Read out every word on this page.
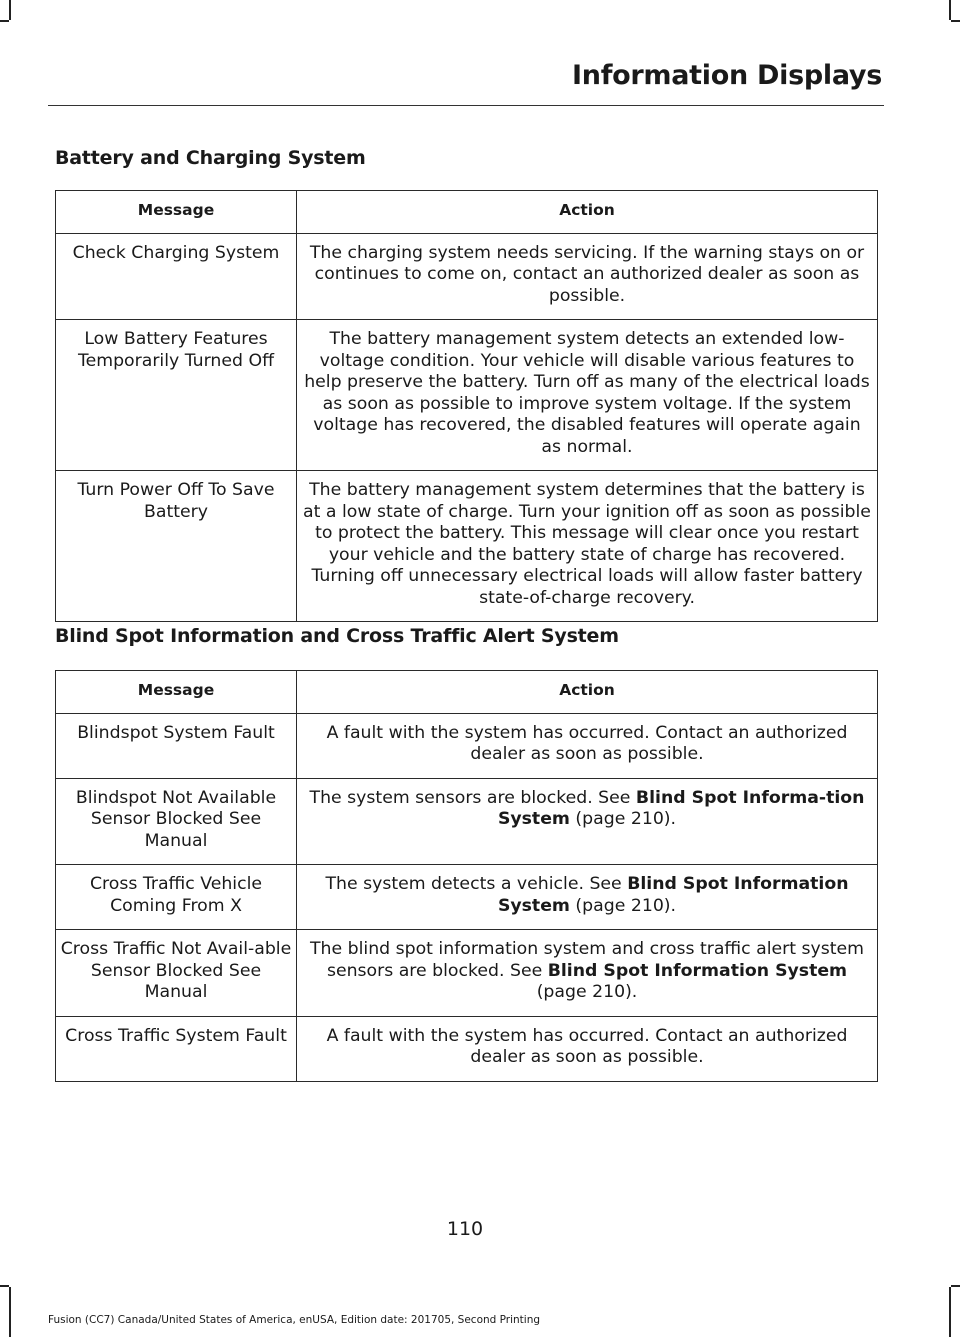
Information Displays
Battery and Charging System
Message	Action
Check Charging System	The charging system needs servicing. If the warning stays on or continues to come on, contact an authorized dealer as soon as possible.
Low Battery Features Temporarily Turned Off	The battery management system detects an extended low-voltage condition. Your vehicle will disable various features to help preserve the battery. Turn off as many of the electrical loads as soon as possible to improve system voltage. If the system voltage has recovered, the disabled features will operate again as normal.
Turn Power Off To Save Battery	The battery management system determines that the battery is at a low state of charge. Turn your ignition off as soon as possible to protect the battery. This message will clear once you restart your vehicle and the battery state of charge has recovered. Turning off unnecessary electrical loads will allow faster battery state-of-charge recovery.
Blind Spot Information and Cross Traffic Alert System
Message	Action
Blindspot System Fault	A fault with the system has occurred. Contact an authorized dealer as soon as possible.
Blindspot Not Available Sensor Blocked See Manual	The system sensors are blocked. See Blind Spot Informa-tion System (page 210).
Cross Traffic Vehicle Coming From X	The system detects a vehicle. See Blind Spot Information System (page 210).
Cross Traffic Not Avail-able Sensor Blocked See Manual	The blind spot information system and cross traffic alert system sensors are blocked. See Blind Spot Information System (page 210).
Cross Traffic System Fault	A fault with the system has occurred. Contact an authorized dealer as soon as possible.
110
Fusion (CC7) Canada/United States of America, enUSA, Edition date: 201705, Second Printing
